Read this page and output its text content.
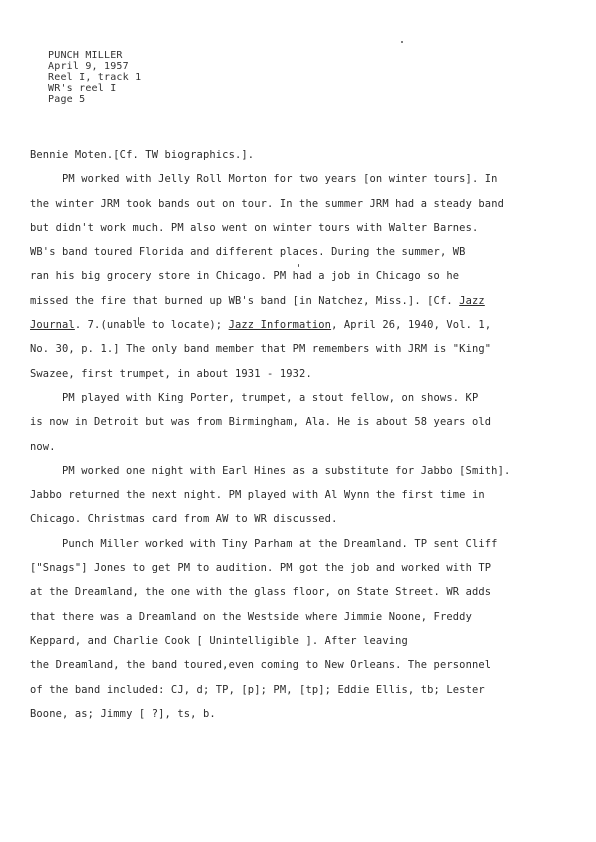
PUNCH MILLER
April 9, 1957
Reel I, track 1
WR's reel I
Page 5
Bennie Moten.[Cf. TW biographics.].
PM worked with Jelly Roll Morton for two years [on winter tours]. In
the winter JRM took bands out on tour. In the summer JRM had a steady band
but didn't work much. PM also went on winter tours with Walter Barnes.
WB's band toured Florida and different places. During the summer, WB
ran his big grocery store in Chicago. PM had a job in Chicago so he
missed the fire that burned up WB's band [in Natchez, Miss.]. [Cf. Jazz
Journal. 7.(unable to locate); Jazz Information, April 26, 1940, Vol. 1,
No. 30, p. 1.] The only band member that PM remembers with JRM is "King"
Swazee, first trumpet, in about 1931 - 1932.
PM played with King Porter, trumpet, a stout fellow, on shows. KP
is now in Detroit but was from Birmingham, Ala. He is about 58 years old
now.
PM worked one night with Earl Hines as a substitute for Jabbo [Smith].
Jabbo returned the next night. PM played with Al Wynn the first time in
Chicago. Christmas card from AW to WR discussed.
Punch Miller worked with Tiny Parham at the Dreamland. TP sent Cliff
["Snags"] Jones to get PM to audition. PM got the job and worked with TP
at the Dreamland, the one with the glass floor, on State Street. WR adds
that there was a Dreamland on the Westside where Jimmie Noone, Freddy
Keppard, and Charlie Cook [ Unintelligible ]. After leaving
the Dreamland, the band toured,even coming to New Orleans. The personnel
of the band included: CJ, d; TP, [p]; PM, [tp]; Eddie Ellis, tb; Lester
Boone, as; Jimmy [ ?], ts, b.
